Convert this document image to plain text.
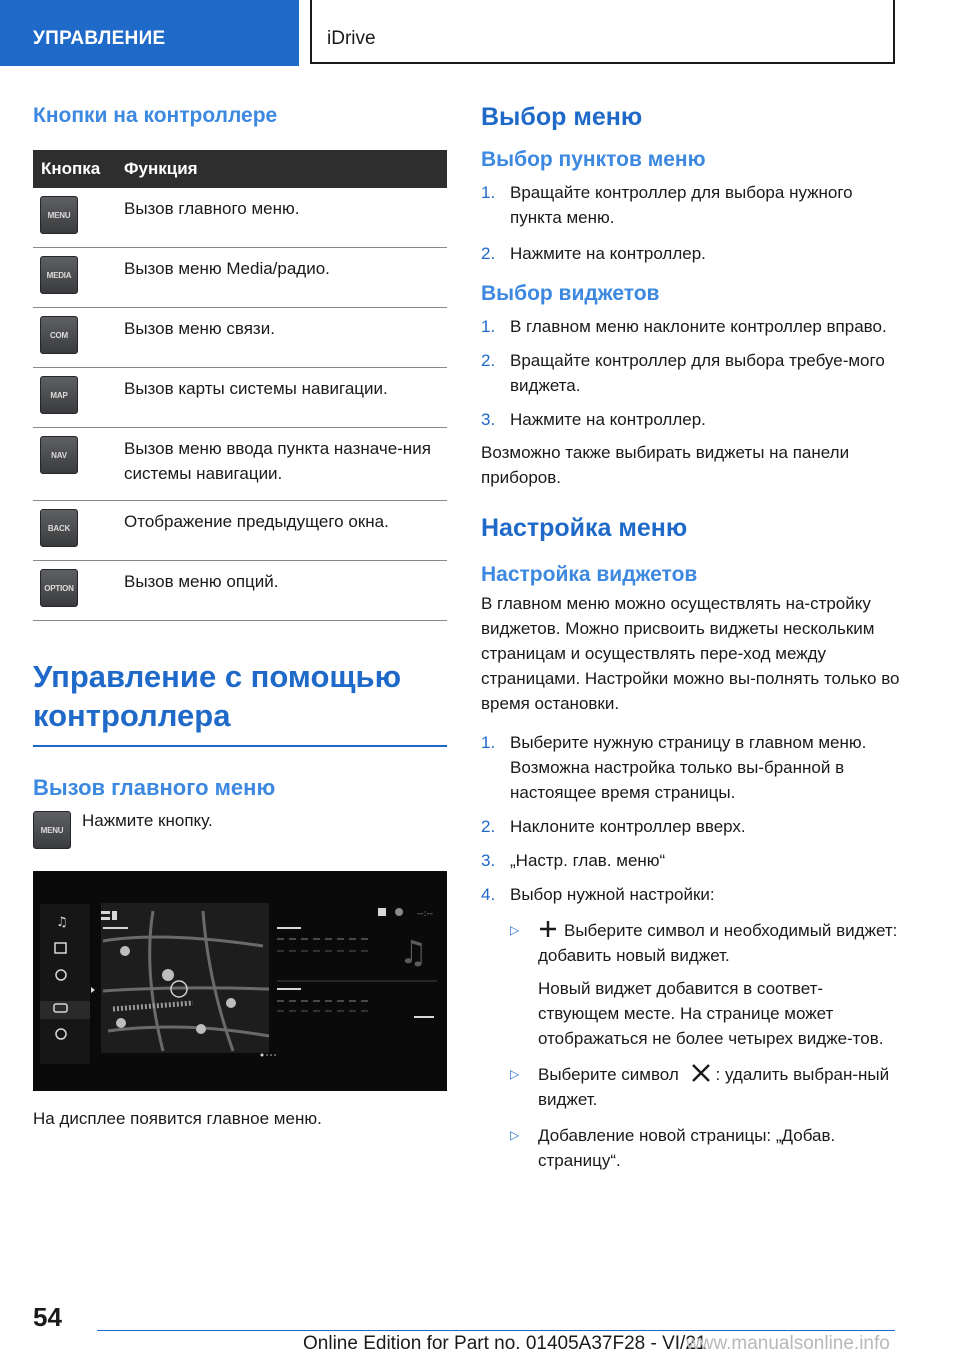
УПРАВЛЕНИЕ	iDrive
Кнопки на контроллере
Кнопка	Функция

MENU	Вызов главного меню.

MEDIA	Вызов меню Media/радио.

COM	Вызов меню связи.

MAP	Вызов карты системы навигации.

NAV	Вызов меню ввода пункта назначе-ния системы навигации.

BACK	Отображение предыдущего окна.

OPTION	Вызов меню опций.
Управление с помощью контроллера
Вызов главного меню
MENU	Нажмите кнопку.
♫
♫
--:--
На дисплее появится главное меню.
Выбор меню
Выбор пунктов меню
1. Вращайте контроллер для выбора нужного пункта меню.
2. Нажмите на контроллер.
Выбор виджетов
1. В главном меню наклоните контроллер вправо.
2. Вращайте контроллер для выбора требуе-мого виджета.
3. Нажмите на контроллер.
Возможно также выбирать виджеты на панели приборов.
Настройка меню
Настройка виджетов
В главном меню можно осуществлять на-стройку виджетов. Можно присвоить виджеты нескольким страницам и осуществлять пере-ход между страницами. Настройки можно вы-полнять только во время остановки.
1. Выберите нужную страницу в главном меню. Возможна настройка только вы-бранной в настоящее время страницы.
2. Наклоните контроллер вверх.
3. „Настр. глав. меню“
4. Выбор нужной настройки:
▷	Выберите символ и необходимый виджет: добавить новый виджет.
Новый виджет добавится в соответ-ствующем месте. На странице может отображаться не более четырех видже-тов.
▷ Выберите символ : удалить выбран-ный виджет.
▷ Добавление новой страницы: „Добав. страницу“.
54
Online Edition for Part no. 01405A37F28 - VI/21
www.manualsonline.info
